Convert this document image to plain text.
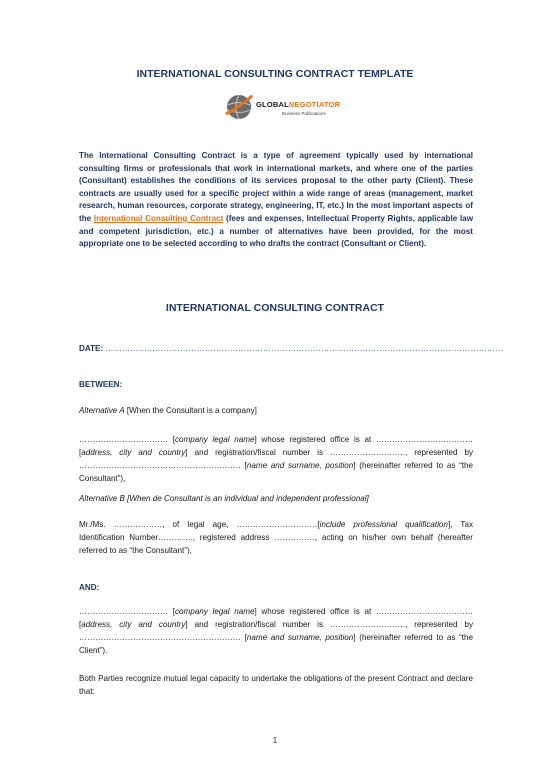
INTERNATIONAL CONSULTING CONTRACT TEMPLATE
GLOBALNEGOTIATOR
Business Publications
The International Consulting Contract is a type of agreement typically used by international consulting firms or professionals that work in international markets, and where one of the parties (Consultant) establishes the conditions of its services proposal to the other party (Client). These contracts are usually used for a specific project within a wide range of areas (management, market research, human resources, corporate strategy, engineering, IT, etc.) In the most important aspects of the International Consulting Contract (fees and expenses, Intellectual Property Rights, applicable law and competent jurisdiction, etc.) a number of alternatives have been provided, for the most appropriate one to be selected according to who drafts the contract (Consultant or Client).
INTERNATIONAL CONSULTING CONTRACT
DATE: ………………………………………………………………………………………………………………………………
BETWEEN:
Alternative A [When the Consultant is a company]
…………………………… [company legal name] whose registered office is at ……………………………… [address, city and country] and registration/fiscal number is ………………………., represented by …………………………………………………… [name and surname, position] (hereinafter referred to as “the Consultant”),
Alternative B [When de Consultant is an individual and independent professional]
Mr./Ms. ………………, of legal age, …………………………[include professional qualification], Tax Identification Number…………., registered address ……………, acting on his/her own behalf (hereafter referred to as “the Consultant”),
AND:
…………………………… [company legal name] whose registered office is at ……………………………… [address, city and country] and registration/fiscal number is ………………………., represented by …………………………………………………… [name and surname, position] (hereinafter referred to as “the Client”).
Both Parties recognize mutual legal capacity to undertake the obligations of the present Contract and declare that:
1
